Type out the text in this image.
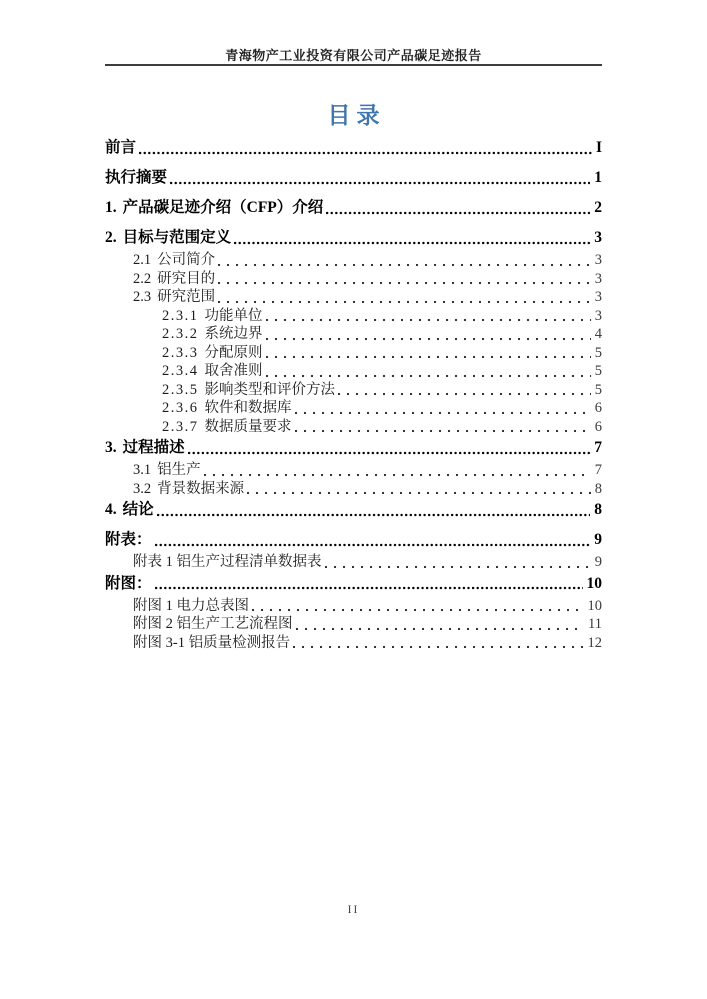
青海物产工业投资有限公司产品碳足迹报告
目录
前言	I
执行摘要	1
1. 产品碳足迹介绍（CFP）介绍	2
2. 目标与范围定义	3
2.1 公司简介	3
2.2 研究目的	3
2.3 研究范围	3
2.3.1 功能单位	3
2.3.2 系统边界	4
2.3.3 分配原则	5
2.3.4 取舍准则	5
2.3.5 影响类型和评价方法	5
2.3.6 软件和数据库	6
2.3.7 数据质量要求	6
3. 过程描述	7
3.1 铝生产	7
3.2 背景数据来源	8
4. 结论	8
附表：	9
附表 1 铝生产过程清单数据表	9
附图：	10
附图 1 电力总表图	10
附图 2 铝生产工艺流程图	11
附图 3-1 铝质量检测报告	12
II
